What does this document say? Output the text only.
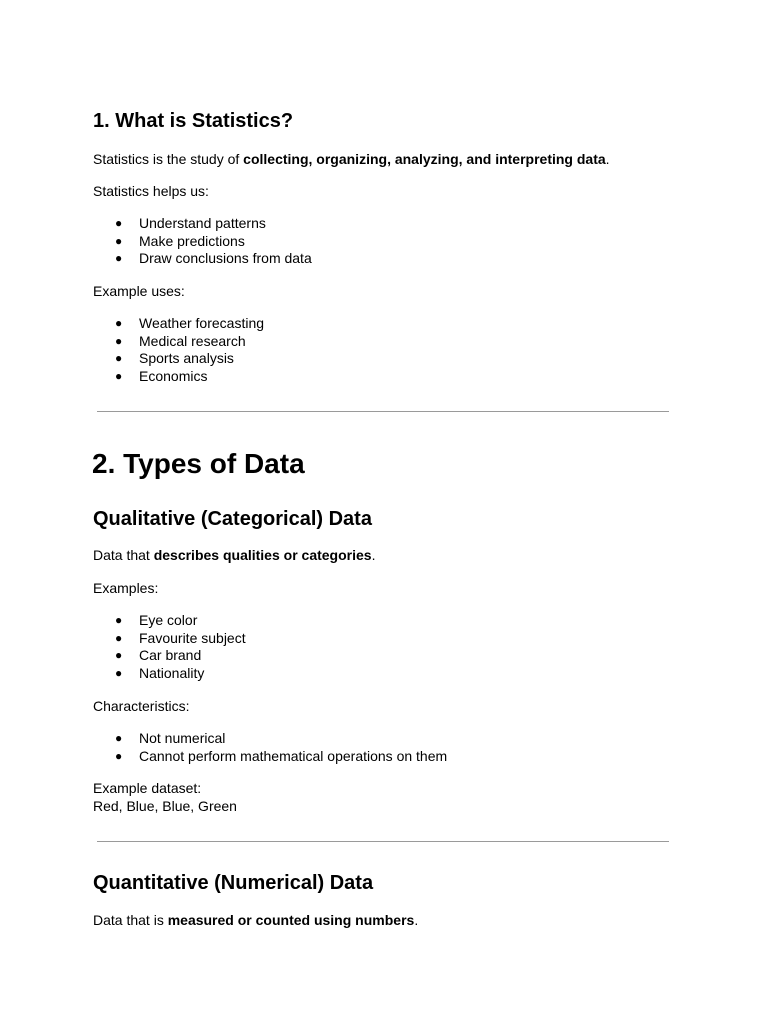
1. What is Statistics?

Statistics is the study of collecting, organizing, analyzing, and interpreting data.

Statistics helps us:

● Understand patterns
● Make predictions
● Draw conclusions from data

Example uses:

● Weather forecasting
● Medical research
● Sports analysis
● Economics
2. Types of Data
Qualitative (Categorical) Data

Data that describes qualities or categories.

Examples:

● Eye color
● Favourite subject
● Car brand
● Nationality

Characteristics:

● Not numerical
● Cannot perform mathematical operations on them

Example dataset:

Red, Blue, Blue, Green

Quantitative (Numerical) Data

Data that is measured or counted using numbers.
